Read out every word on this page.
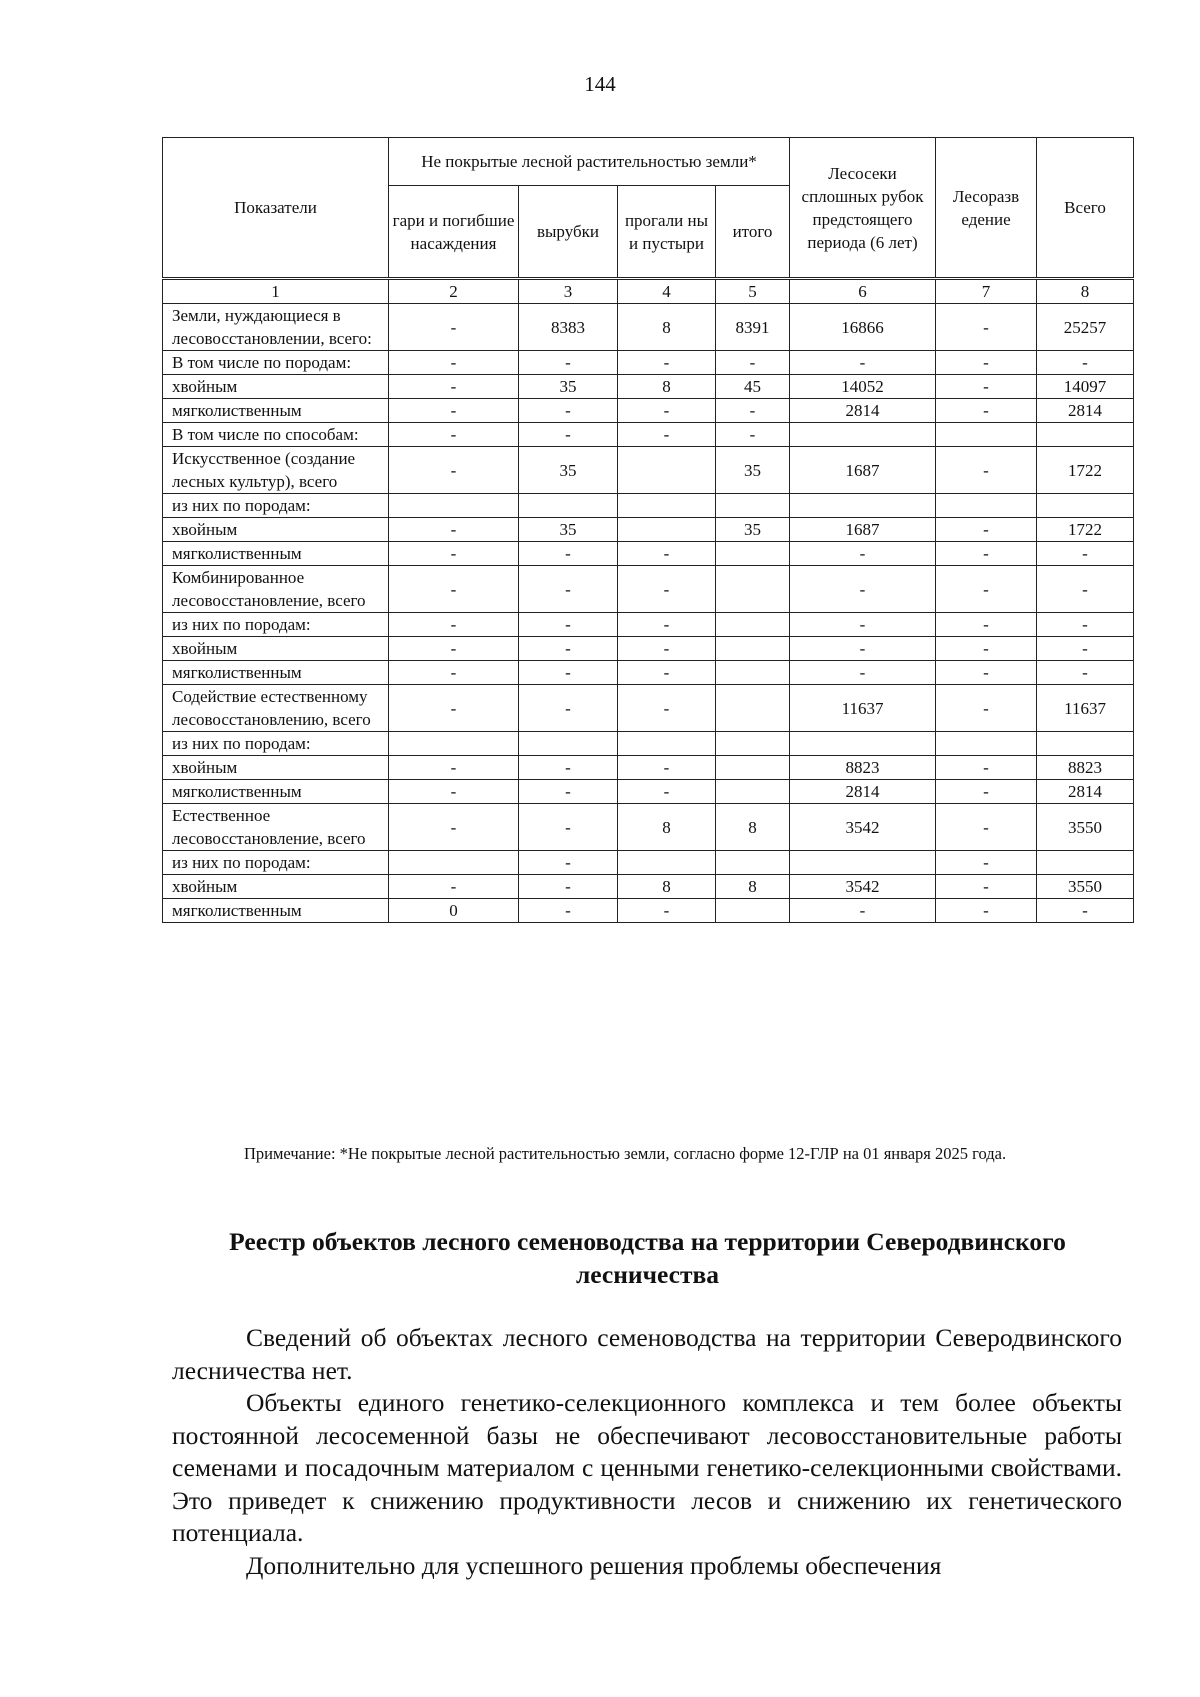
144
Показатели	Не покрытые лесной растительностью земли*				Лесосеки сплошных рубок предстоящего периода (6 лет)	Лесоразв едение	Всего
	гари и погибшие насаждения	вырубки	прогали ны и пустыри	итого			
1	2	3	4	5	6	7	8
Земли, нуждающиеся в лесовосстановлении, всего:	-	8383	8	8391	16866	-	25257
В том числе по породам:	-	-	-	-	-	-	-
хвойным	-	35	8	45	14052	-	14097
мягколиственным	-	-	-	-	2814	-	2814
В том числе по способам:	-	-	-	-			
Искусственное (создание лесных культур), всего	-	35		35	1687	-	1722
из них по породам:							
хвойным	-	35		35	1687	-	1722
мягколиственным	-	-	-		-	-	-
Комбинированное лесовосстановление, всего	-	-	-		-	-	-
из них по породам:	-	-	-		-	-	-
хвойным	-	-	-		-	-	-
мягколиственным	-	-	-		-	-	-
Содействие естественному лесовосстановлению, всего	-	-	-		11637	-	11637
из них по породам:							
хвойным	-	-	-		8823	-	8823
мягколиственным	-	-	-		2814	-	2814
Естественное лесовосстановление, всего	-	-	8	8	3542	-	3550
из них по породам:		-				-	
хвойным	-	-	8	8	3542	-	3550
мягколиственным	0	-	-		-	-	-
Примечание: *Не покрытые лесной растительностью земли, согласно форме 12-ГЛР на 01 января 2025 года.
Реестр объектов лесного семеноводства на территории Северодвинского лесничества

Сведений об объектах лесного семеноводства на территории Северодвинского лесничества нет.

Объекты единого генетико-селекционного комплекса и тем более объекты постоянной лесосеменной базы не обеспечивают лесовосстановительные работы семенами и посадочным материалом с ценными генетико-селекционными свойствами. Это приведет к снижению продуктивности лесов и снижению их генетического потенциала.

Дополнительно для успешного решения проблемы обеспечения
